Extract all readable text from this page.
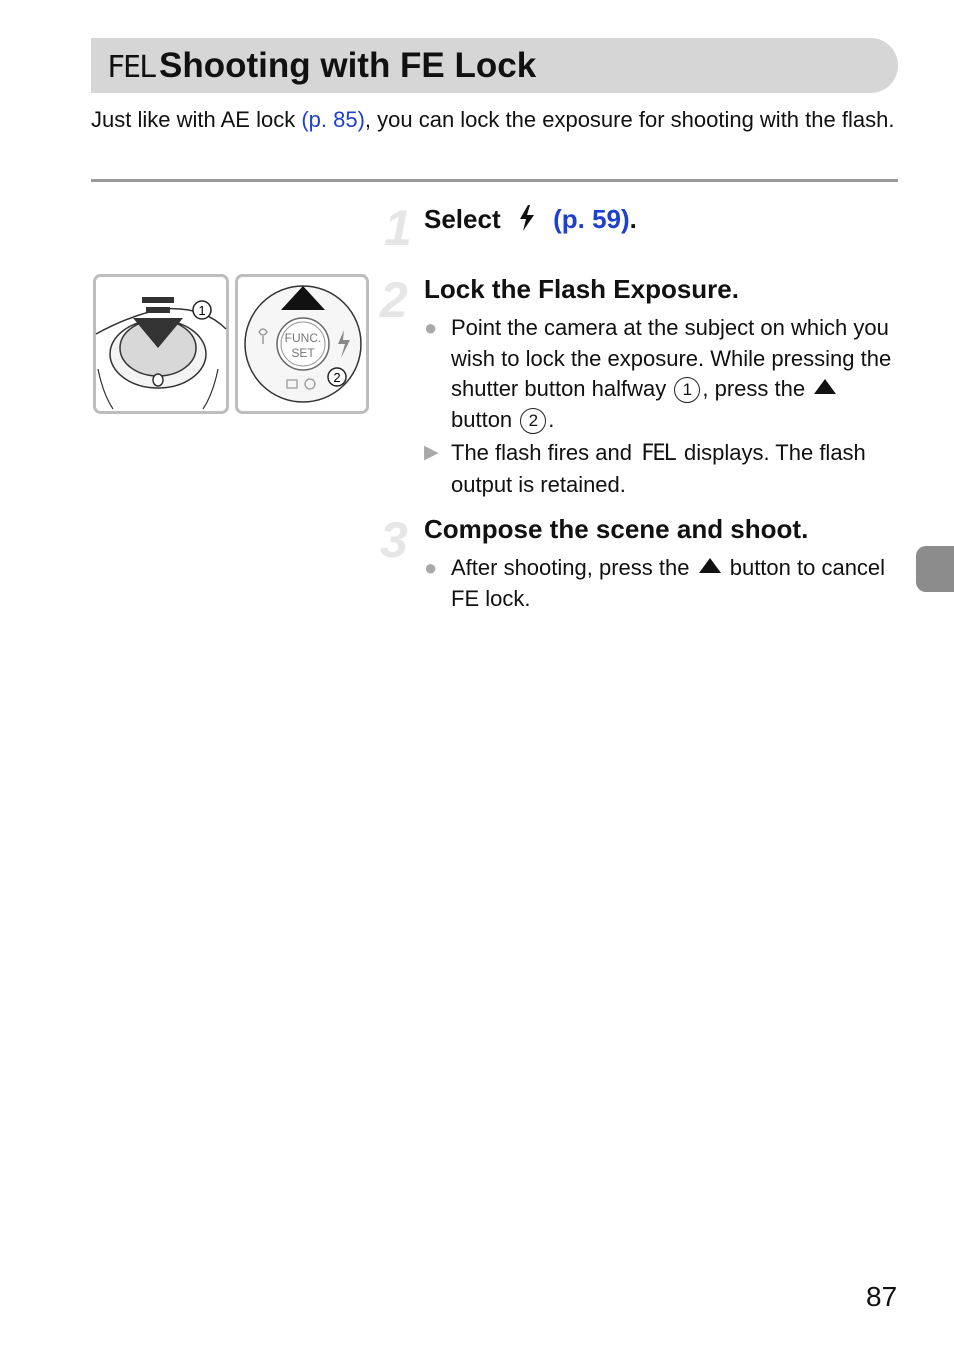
FEL Shooting with FE Lock
Just like with AE lock (p. 85), you can lock the exposure for shooting with the flash.
1
FUNC.
SET
2
1 Select (p. 59).
2 Lock the Flash Exposure.
● Point the camera at the subject on which you wish to lock the exposure. While pressing the shutter button halfway 1 , press the  button 2 .
▶ The flash fires and FEL displays. The flash output is retained.
3 Compose the scene and shoot.
● After shooting, press the button to cancel FE lock.
87
